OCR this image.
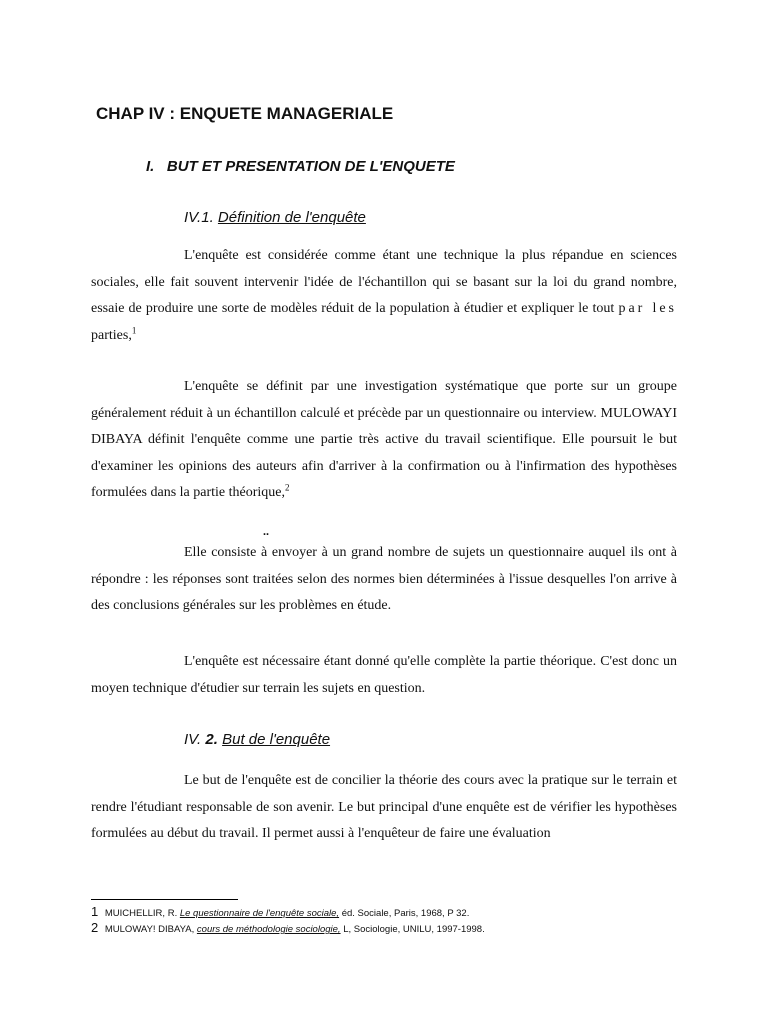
CHAP IV : ENQUETE MANAGERIALE
I. BUT ET PRESENTATION DE L'ENQUETE
IV.1. Définition de l'enquête

L'enquête est considérée comme étant une technique la plus répandue en sciences sociales, elle fait souvent intervenir l'idée de l'échantillon qui se basant sur la loi du grand nombre, essaie de produire une sorte de modèles réduit de la population à étudier et expliquer le tout par les parties,$^1$

L'enquête se définit par une investigation systématique que porte sur un groupe généralement réduit à un échantillon calculé et précède par un questionnaire ou interview. MULOWAYI DIBAYA définit l'enquête comme une partie très active du travail scientifique. Elle poursuit le but d'examiner les opinions des auteurs afin d'arriver à la confirmation ou à l'infirmation des hypothèses formulées dans la partie théorique,$^2$

..

Elle consiste à envoyer à un grand nombre de sujets un questionnaire auquel ils ont à répondre : les réponses sont traitées selon des normes bien déterminées à l'issue desquelles l'on arrive à des conclusions générales sur les problèmes en étude.

L'enquête est nécessaire étant donné qu'elle complète la partie théorique. C'est donc un moyen technique d'étudier sur terrain les sujets en question.

IV. 2. But de l'enquête

Le but de l'enquête est de concilier la théorie des cours avec la pratique sur le terrain et rendre l'étudiant responsable de son avenir. Le but principal d'une enquête est de vérifier les hypothèses formulées au début du travail. Il permet aussi à l'enquêteur de faire une évaluation

1 MUICHELLIR, R. Le questionnaire de l'enquête sociale, éd. Sociale, Paris, 1968, P 32.
2 MULOWAY! DIBAYA, cours de méthodologie sociologie, L, Sociologie, UNILU, 1997-1998.
